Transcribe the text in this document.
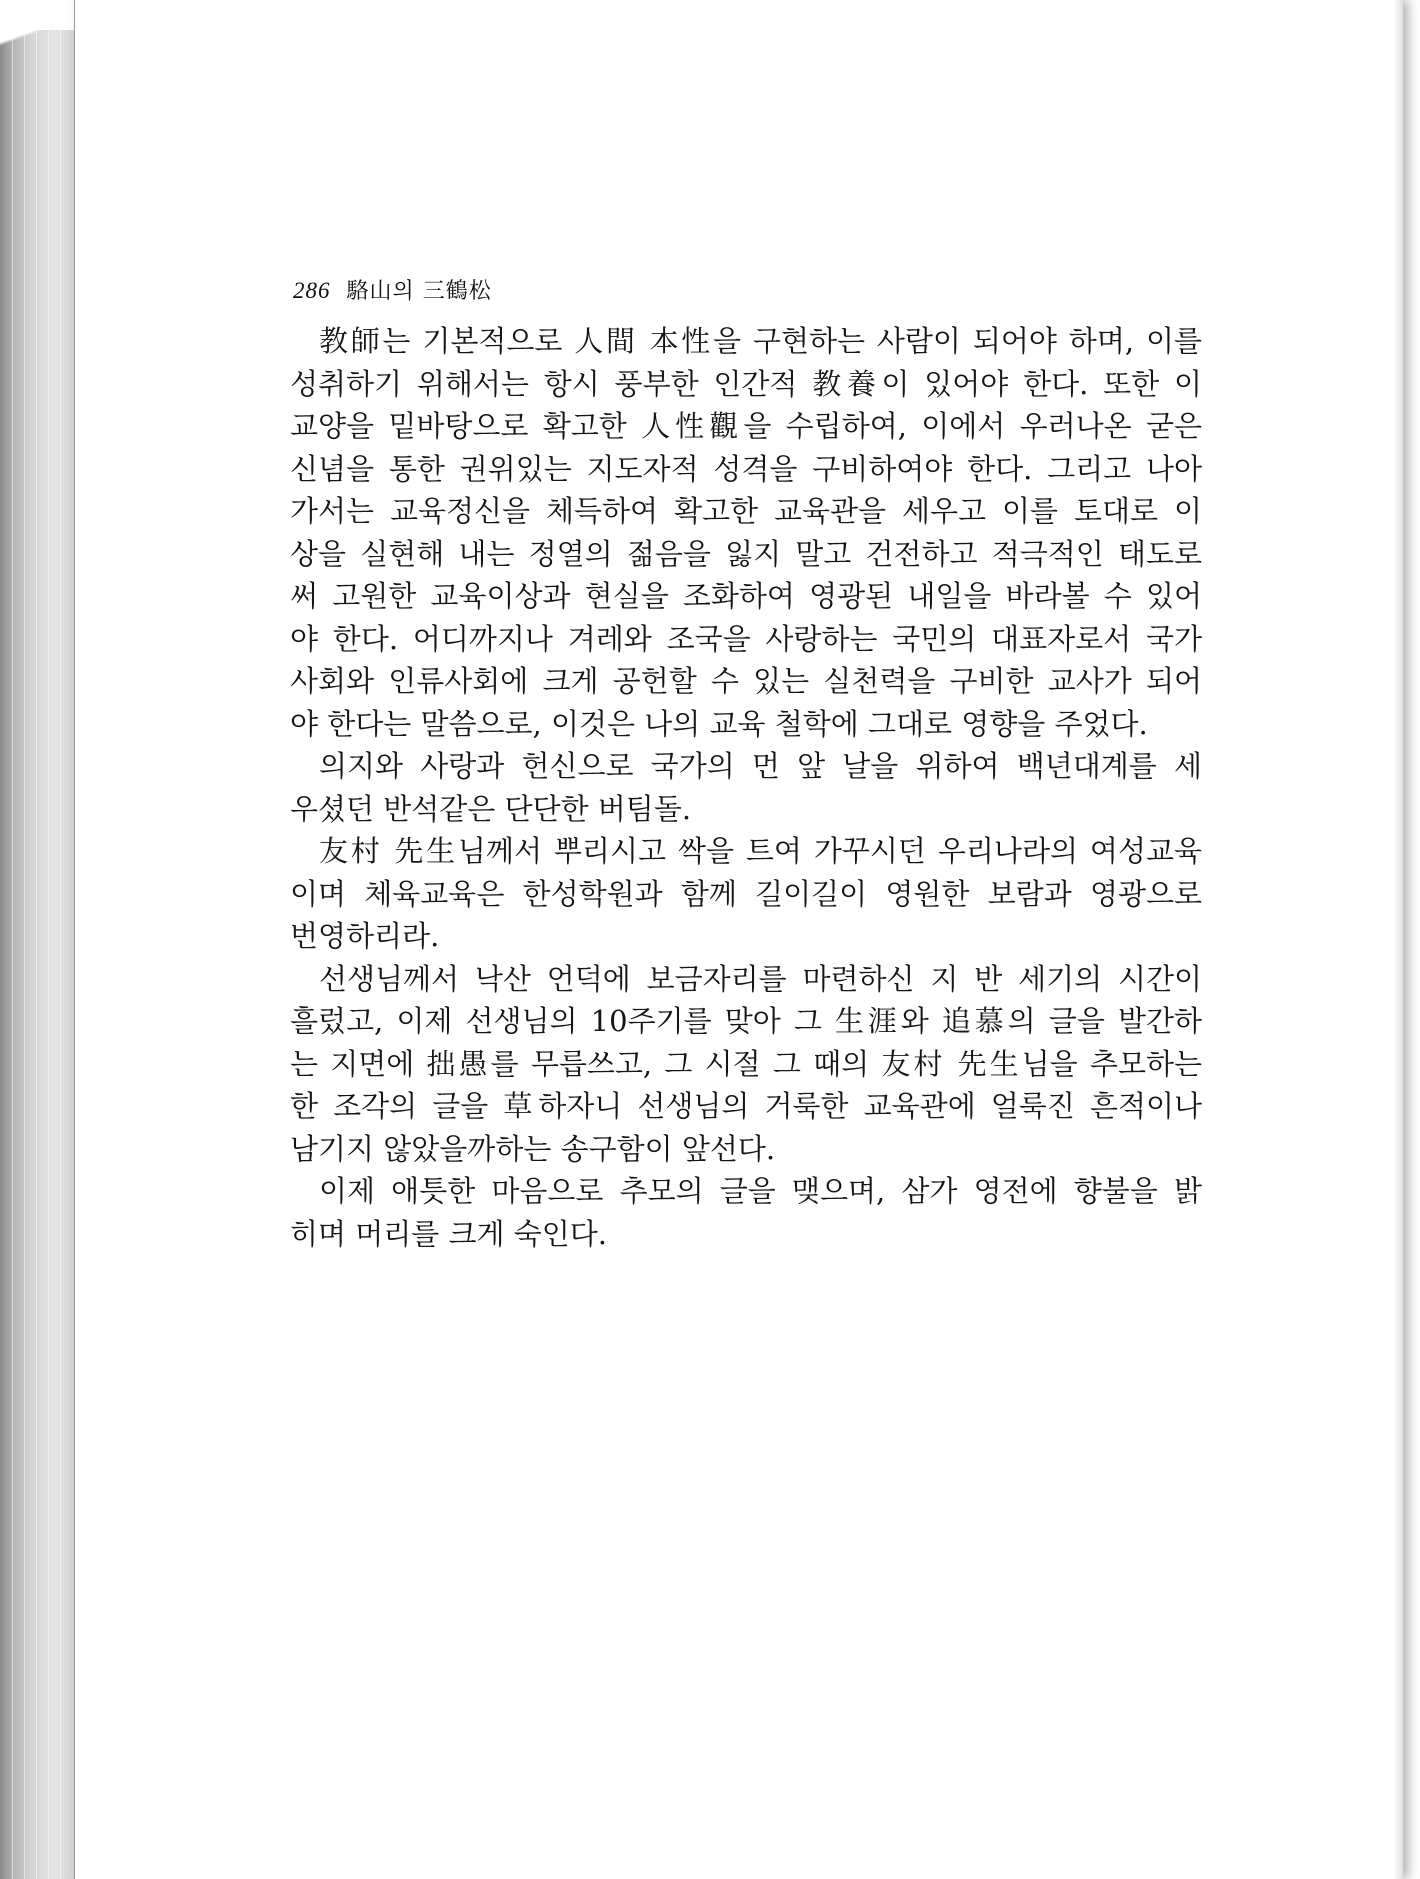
286 駱山의 三鶴松
教師는 기본적으로 人間 本性을 구현하는 사람이 되어야 하며, 이를
성취하기 위해서는 항시 풍부한 인간적 教養이 있어야 한다. 또한 이
교양을 밑바탕으로 확고한 人性觀을 수립하여, 이에서 우러나온 굳은
신념을 통한 권위있는 지도자적 성격을 구비하여야 한다. 그리고 나아
가서는 교육정신을 체득하여 확고한 교육관을 세우고 이를 토대로 이
상을 실현해 내는 정열의 젊음을 잃지 말고 건전하고 적극적인 태도로
써 고원한 교육이상과 현실을 조화하여 영광된 내일을 바라볼 수 있어
야 한다. 어디까지나 겨레와 조국을 사랑하는 국민의 대표자로서 국가
사회와 인류사회에 크게 공헌할 수 있는 실천력을 구비한 교사가 되어
야 한다는 말씀으로, 이것은 나의 교육 철학에 그대로 영향을 주었다.
의지와 사랑과 헌신으로 국가의 먼 앞 날을 위하여 백년대계를 세
우셨던 반석같은 단단한 버팀돌.
友村 先生님께서 뿌리시고 싹을 트여 가꾸시던 우리나라의 여성교육
이며 체육교육은 한성학원과 함께 길이길이 영원한 보람과 영광으로
번영하리라.
선생님께서 낙산 언덕에 보금자리를 마련하신 지 반 세기의 시간이
흘렀고, 이제 선생님의 10주기를 맞아 그 生涯와 追慕의 글을 발간하
는 지면에 拙愚를 무릅쓰고, 그 시절 그 때의 友村 先生님을 추모하는
한 조각의 글을 草하자니 선생님의 거룩한 교육관에 얼룩진 흔적이나
남기지 않았을까하는 송구함이 앞선다.
이제 애틋한 마음으로 추모의 글을 맺으며, 삼가 영전에 향불을 밝
히며 머리를 크게 숙인다.
